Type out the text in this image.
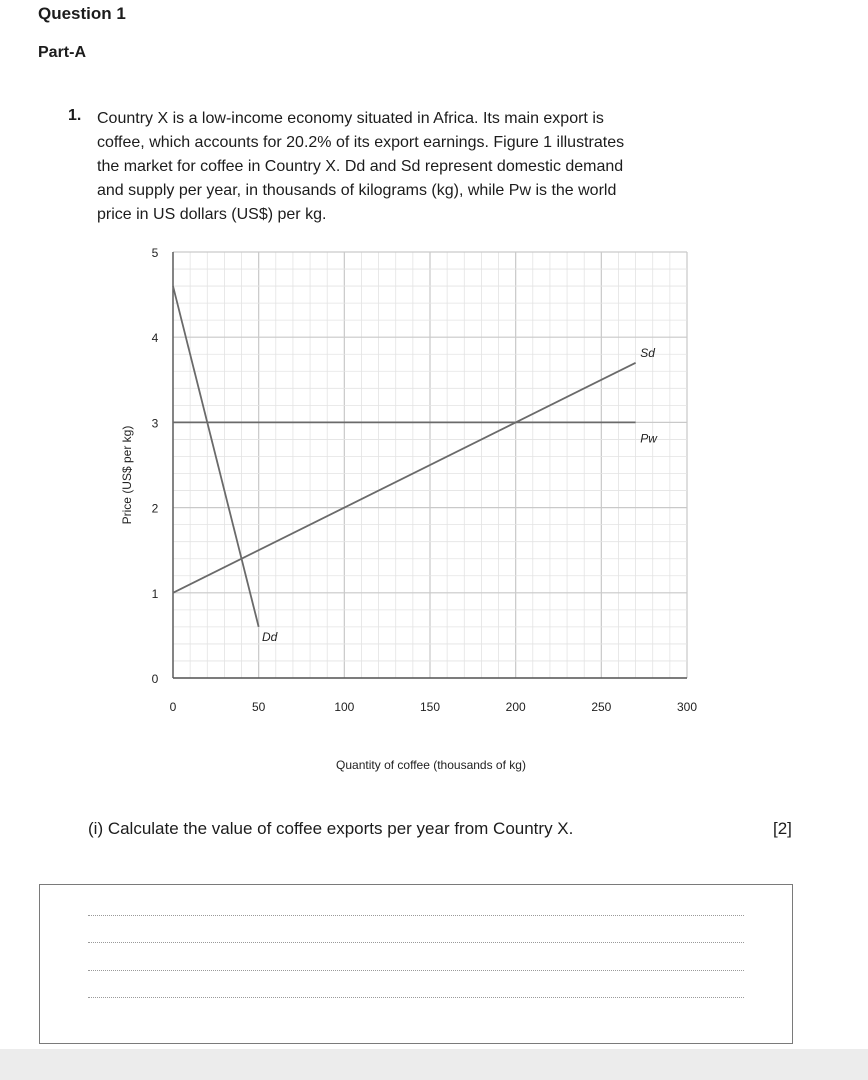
Question 1
Part-A
1. Country X is a low-income economy situated in Africa. Its main export is
coffee, which accounts for 20.2% of its export earnings. Figure 1 illustrates
the market for coffee in Country X. Dd and Sd represent domestic demand
and supply per year, in thousands of kilograms (kg), while Pw is the world
price in US dollars (US$) per kg.
0	50	100	150	200	250	300
0
1
2
3
4
5
Quantity of coffee (thousands of kg)
Price (US$ per kg)
Dd
Sd
Pw
(i) Calculate the value of coffee exports per year from Country X.	[2]
